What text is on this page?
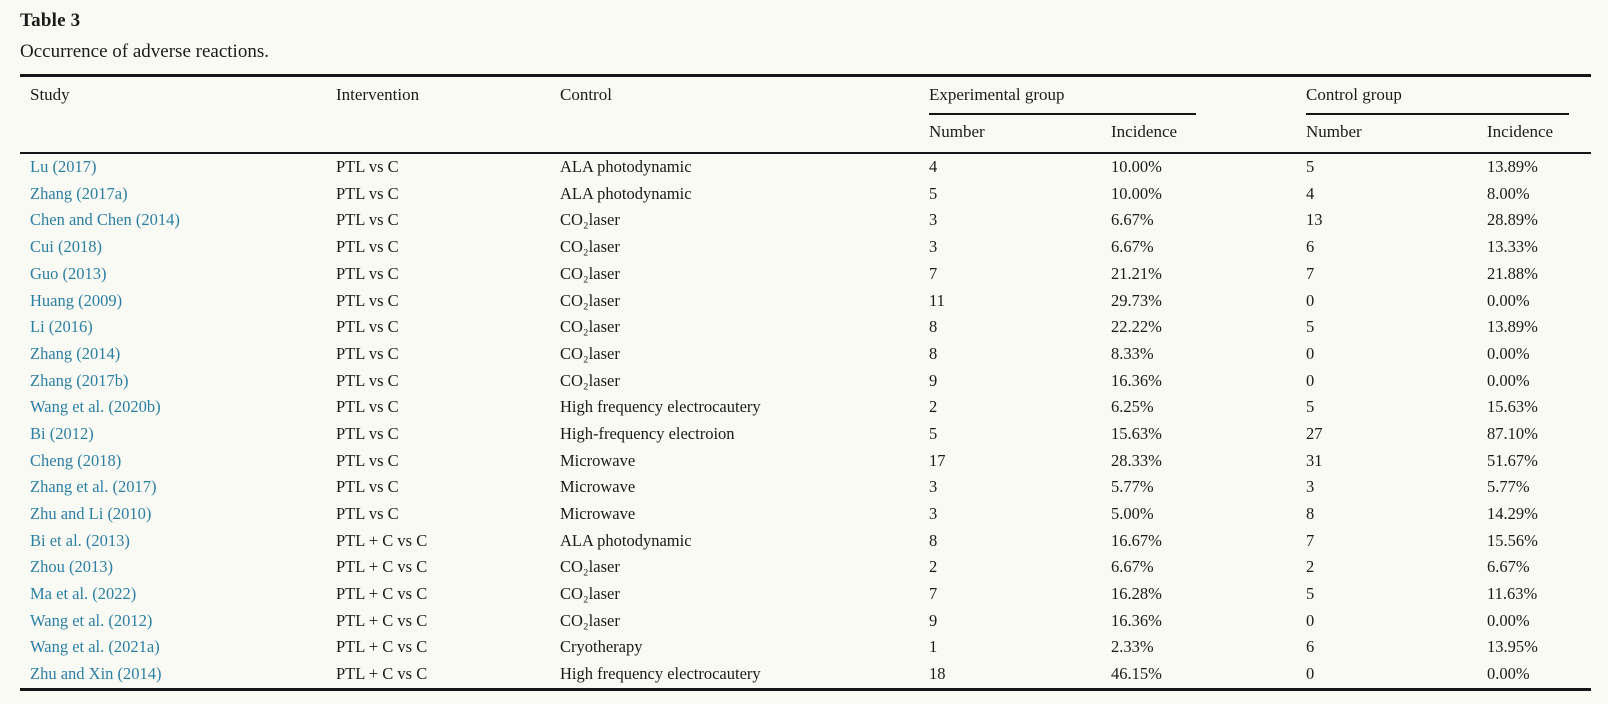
Table 3
Occurrence of adverse reactions.
Study	Intervention	Control	Experimental group		Control group	
			Number	Incidence	Number	Incidence
Lu (2017)	PTL vs C	ALA photodynamic	4	10.00%	5	13.89%
Zhang (2017a)	PTL vs C	ALA photodynamic	5	10.00%	4	8.00%
Chen and Chen (2014)	PTL vs C	CO₂laser	3	6.67%	13	28.89%
Cui (2018)	PTL vs C	CO₂laser	3	6.67%	6	13.33%
Guo (2013)	PTL vs C	CO₂laser	7	21.21%	7	21.88%
Huang (2009)	PTL vs C	CO₂laser	11	29.73%	0	0.00%
Li (2016)	PTL vs C	CO₂laser	8	22.22%	5	13.89%
Zhang (2014)	PTL vs C	CO₂laser	8	8.33%	0	0.00%
Zhang (2017b)	PTL vs C	CO₂laser	9	16.36%	0	0.00%
Wang et al. (2020b)	PTL vs C	High frequency electrocautery	2	6.25%	5	15.63%
Bi (2012)	PTL vs C	High-frequency electroion	5	15.63%	27	87.10%
Cheng (2018)	PTL vs C	Microwave	17	28.33%	31	51.67%
Zhang et al. (2017)	PTL vs C	Microwave	3	5.77%	3	5.77%
Zhu and Li (2010)	PTL vs C	Microwave	3	5.00%	8	14.29%
Bi et al. (2013)	PTL + C vs C	ALA photodynamic	8	16.67%	7	15.56%
Zhou (2013)	PTL + C vs C	CO₂laser	2	6.67%	2	6.67%
Ma et al. (2022)	PTL + C vs C	CO₂laser	7	16.28%	5	11.63%
Wang et al. (2012)	PTL + C vs C	CO₂laser	9	16.36%	0	0.00%
Wang et al. (2021a)	PTL + C vs C	Cryotherapy	1	2.33%	6	13.95%
Zhu and Xin (2014)	PTL + C vs C	High frequency electrocautery	18	46.15%	0	0.00%
